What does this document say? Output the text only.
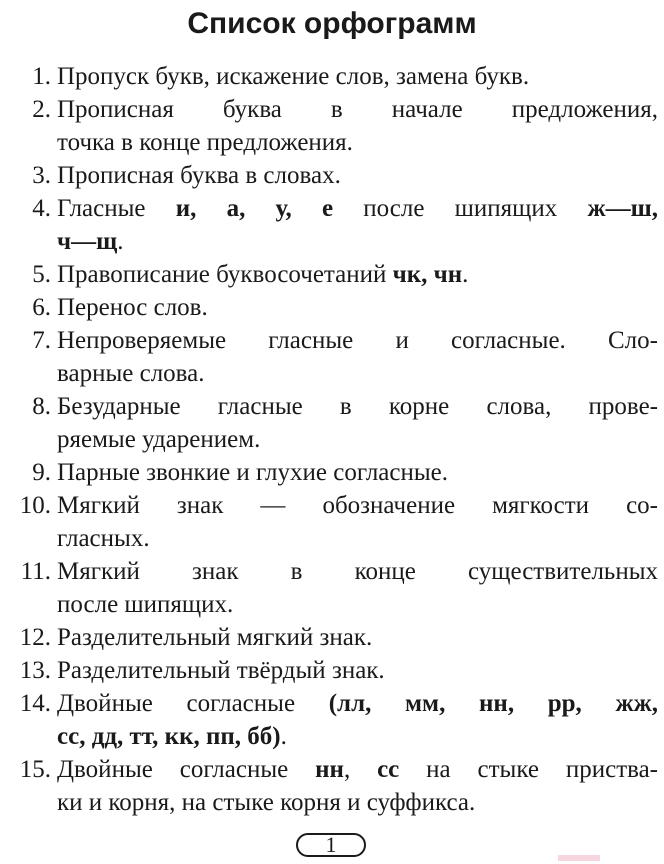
Список орфограмм
1. Пропуск букв, искажение слов, замена букв.
2. Прописная буква в начале предложения,
точка в конце предложения.
3. Прописная буква в словах.
4. Гласные и, а, у, е после шипящих ж—ш,
ч—щ.
5. Правописание буквосочетаний чк, чн.
6. Перенос слов.
7. Непроверяемые гласные и согласные. Сло-
варные слова.
8. Безударные гласные в корне слова, прове-
ряемые ударением.
9. Парные звонкие и глухие согласные.
10. Мягкий знак — обозначение мягкости со-
гласных.
11. Мягкий знак в конце существительных
после шипящих.
12. Разделительный мягкий знак.
13. Разделительный твёрдый знак.
14. Двойные согласные (лл, мм, нн, рр, жж,
сс, дд, тт, кк, пп, бб).
15. Двойные согласные нн, сс на стыке приства-
ки и корня, на стыке корня и суффикса.
1
